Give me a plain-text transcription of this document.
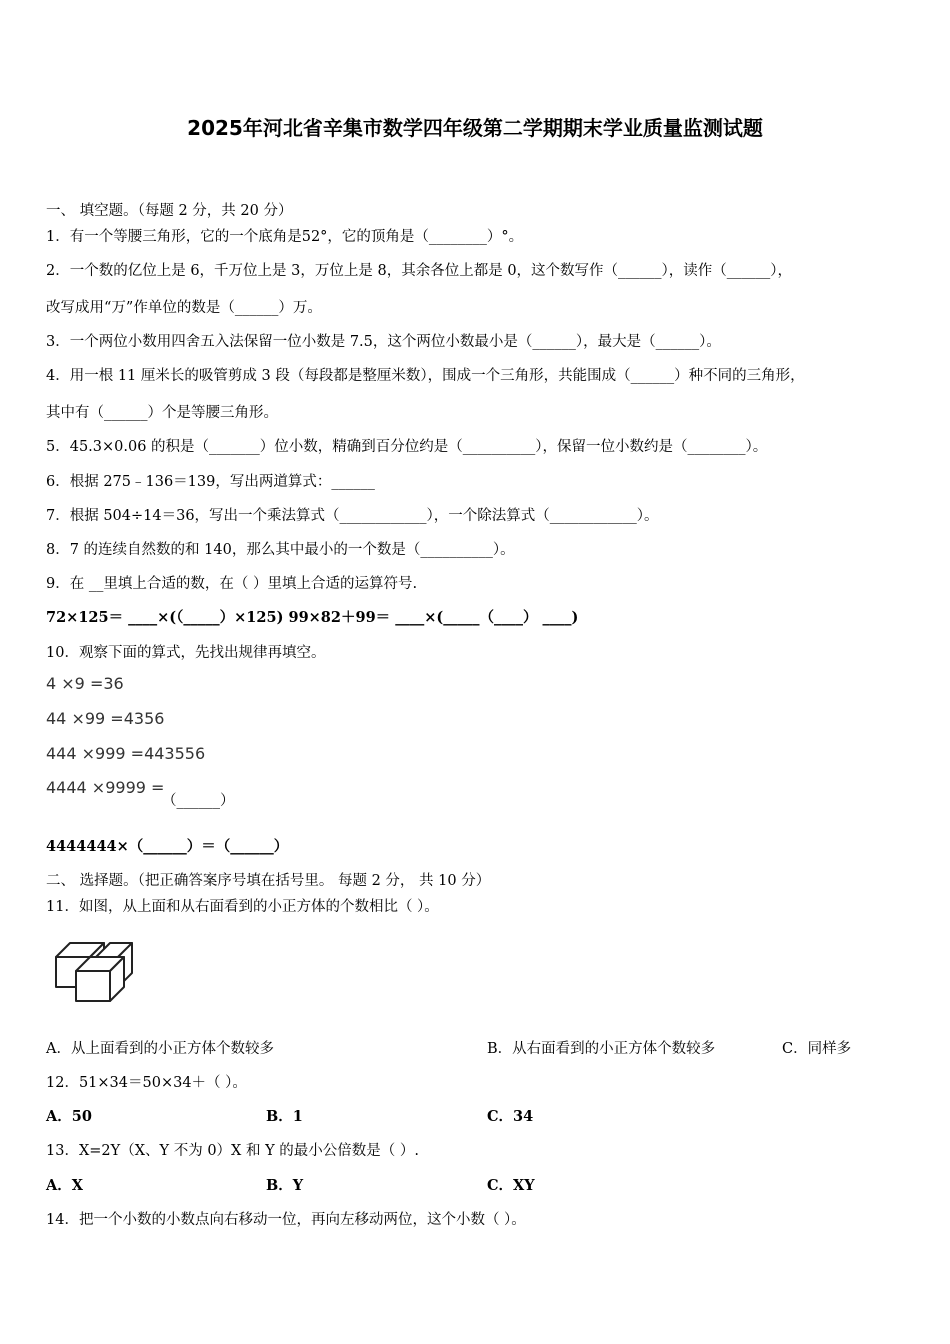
2025年河北省辛集市数学四年级第二学期期末学业质量监测试题
一、 填空题。（每题 2 分，共 20 分）
1．有一个等腰三角形，它的一个底角是52°，它的顶角是（________）°。
2．一个数的亿位上是 6，千万位上是 3，万位上是 8，其余各位上都是 0，这个数写作（______），读作（______），
改写成用“万”作单位的数是（______）万。
3．一个两位小数用四舍五入法保留一位小数是 7.5，这个两位小数最小是（______），最大是（______）。
4．用一根 11 厘米长的吸管剪成 3 段（每段都是整厘米数），围成一个三角形，共能围成（______）种不同的三角形，
其中有（______）个是等腰三角形。
5．45.3×0.06 的积是（_______）位小数，精确到百分位约是（__________），保留一位小数约是（________）。
6．根据 275﹣136＝139，写出两道算式：______
7．根据 504÷14＝36，写出一个乘法算式（____________），一个除法算式（____________）。
8．7 的连续自然数的和 140，那么其中最小的一个数是（__________）。
9．在 __里填上合适的数，在（ ）里填上合适的运算符号.
72×125＝ ____×(（_____）×125) 99×82＋99＝ ____×(_____（____） ____)
10．观察下面的算式，先找出规律再填空。
4 ×9 =36
44 ×99 =4356
444 ×999 =443556
4444 ×9999 =
（______）
4444444×（______）＝（______）
二、 选择题。（把正确答案序号填在括号里。 每题 2 分， 共 10 分）
11．如图，从上面和从右面看到的小正方体的个数相比（ ）。
A．从上面看到的小正方体个数较多	B．从右面看到的小正方体个数较多	C．同样多
12．51×34＝50×34＋（ ）。
A．50	B．1	C．34
13．X=2Y（X、Y 不为 0）X 和 Y 的最小公倍数是（ ）.
A．X	B．Y	C．XY
14．把一个小数的小数点向右移动一位，再向左移动两位，这个小数（ ）。
